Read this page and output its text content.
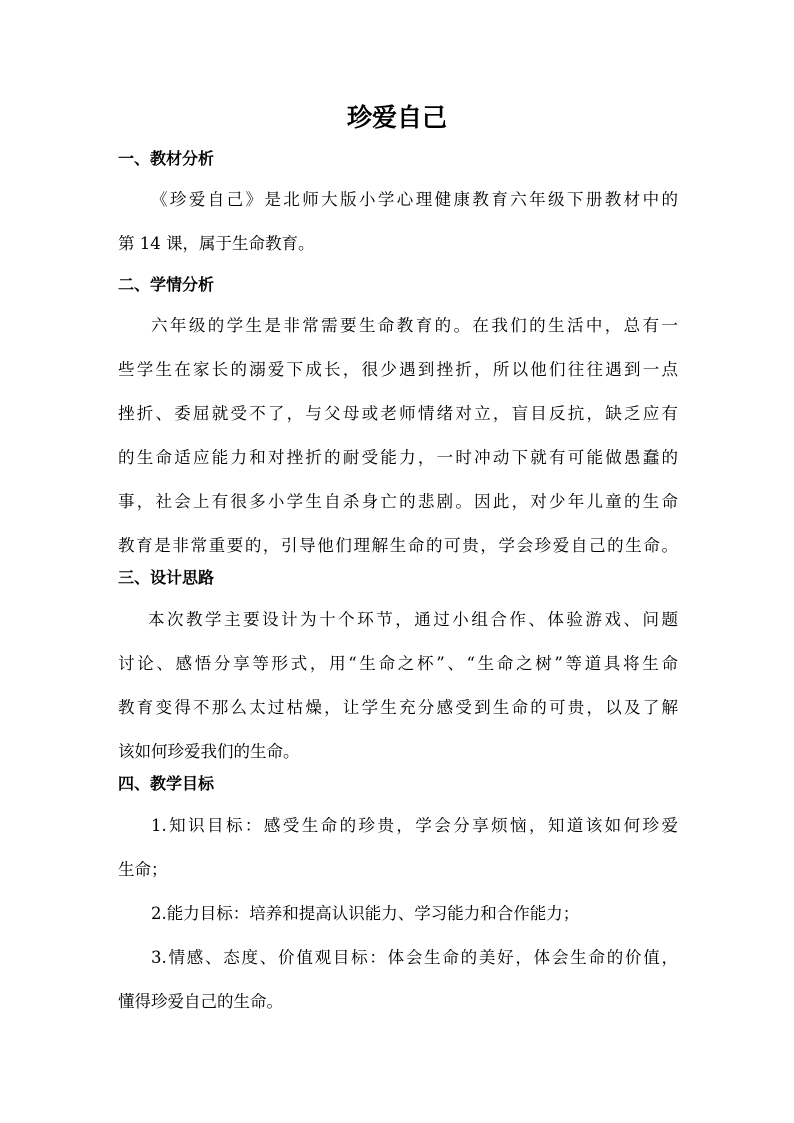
珍爱自己
一、教材分析
《珍爱自己》是北师大版小学心理健康教育六年级下册教材中的
第 14 课，属于生命教育。
二、学情分析
六年级的学生是非常需要生命教育的。在我们的生活中，总有一
些学生在家长的溺爱下成长，很少遇到挫折，所以他们往往遇到一点
挫折、委屈就受不了，与父母或老师情绪对立，盲目反抗，缺乏应有
的生命适应能力和对挫折的耐受能力，一时冲动下就有可能做愚蠢的
事，社会上有很多小学生自杀身亡的悲剧。因此，对少年儿童的生命
教育是非常重要的，引导他们理解生命的可贵，学会珍爱自己的生命。
三、设计思路
本次教学主要设计为十个环节，通过小组合作、体验游戏、问题
讨论、感悟分享等形式，用“生命之杯”、“生命之树”等道具将生命
教育变得不那么太过枯燥，让学生充分感受到生命的可贵，以及了解
该如何珍爱我们的生命。
四、教学目标
1.知识目标：感受生命的珍贵，学会分享烦恼，知道该如何珍爱
生命；
2.能力目标：培养和提高认识能力、学习能力和合作能力；
3.情感、态度、价值观目标：体会生命的美好，体会生命的价值，
懂得珍爱自己的生命。
